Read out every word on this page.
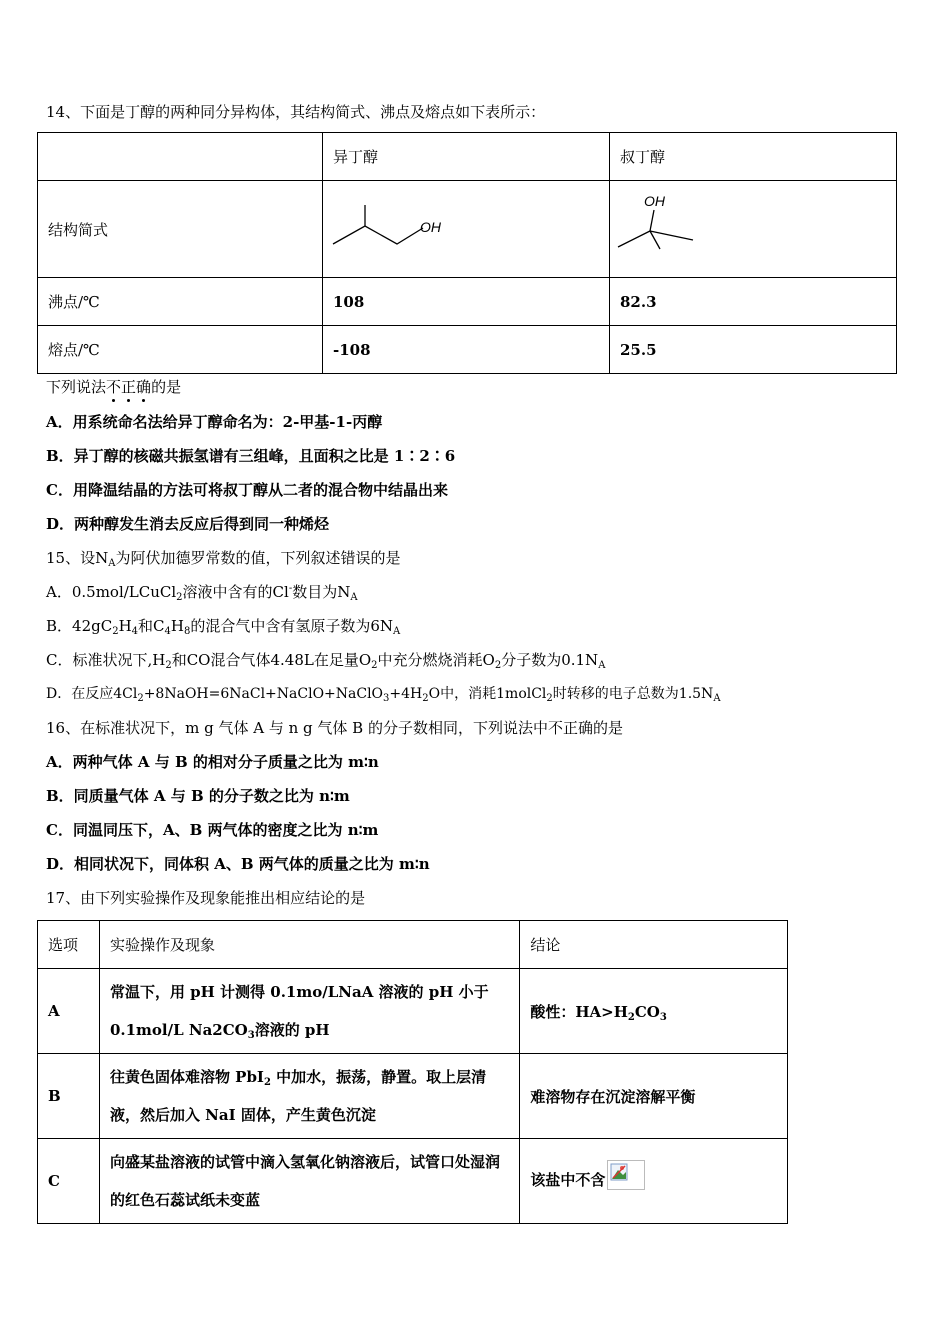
14、下面是丁醇的两种同分异构体，其结构简式、沸点及熔点如下表所示：
	异丁醇	叔丁醇
结构简式	OH	OH

沸点/℃	108	82.3
熔点/℃	-108	25.5
下列说法不正确的是
A．用系统命名法给异丁醇命名为：2-甲基-1-丙醇
B．异丁醇的核磁共振氢谱有三组峰，且面积之比是 1∶2∶6
C．用降温结晶的方法可将叔丁醇从二者的混合物中结晶出来
D．两种醇发生消去反应后得到同一种烯烃
15、设$N_A$为阿伏加德罗常数的值，下列叙述错误的是
A．0.5mol/LCuCl$_2$溶液中含有的Cl-数目为$N_A$
B．$42gC_2H_4$和$C_4H_8$的混合气中含有氢原子数为$6N_A$
C．标准状况下$,H_2$和CO混合气体4.48L在足量$O_2$中充分燃烧消耗$O_2$分子数为$0.1N_A$
D．在反应$4Cl_2+8NaOH=6NaCl+NaClO+NaClO_3+4H_2O$中，消耗1molCl$_2$时转移的电子总数为$1.5N_A$
16、在标准状况下，m g 气体 A 与 n g 气体 B 的分子数相同，下列说法中不正确的是
A．两种气体 A 与 B 的相对分子质量之比为 m∶n
B．同质量气体 A 与 B 的分子数之比为 n∶m
C．同温同压下，A、B 两气体的密度之比为 n∶m
D．相同状况下，同体积 A、B 两气体的质量之比为 m∶n
17、由下列实验操作及现象能推出相应结论的是
选项	实验操作及现象	结论
A	常温下，用 pH 计测得 0.1mo/LNaA 溶液的 pH 小于 0.1mol/L $Na2CO_3$溶液的 pH	酸性：$HA>H_2CO_3$
B	往黄色固体难溶物 PbI$_2$ 中加水，振荡，静置。取上层清液，然后加入 NaI 固体，产生黄色沉淀	难溶物存在沉淀溶解平衡
C	向盛某盐溶液的试管中滴入氢氧化钠溶液后，试管口处湿润的红色石蕊试纸未变蓝	该盐中不含
